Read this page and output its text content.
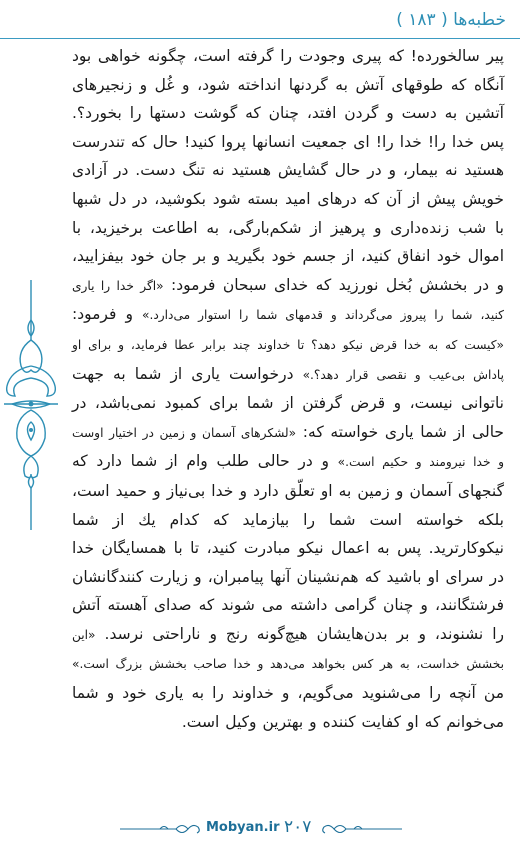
خطبه‌ها ( ۱۸۳ )
پیر سالخورده! که پیری وجودت را گرفته است، چگونه خواهی بود آنگاه که طوقهای آتش به گردنها انداخته شود، و غُل و زنجیرهای آتشین به دست و گردن افتد، چنان که گوشت دستها را بخورد؟. پس خدا را! خدا را! ای جمعیت انسانها پروا کنید! حال که تندرست هستید نه بیمار، و در حال گشایش هستید نه تنگ دست. در آزادی خویش پیش از آن که درهای امید بسته شود بکوشید، در دل شبها با شب زنده‌داری و پرهیز از شکم‌بارگی، به اطاعت برخیزید، با اموال خود انفاق کنید، از جسم خود بگیرید و بر جان خود بیفزایید، و در بخشش بُخل نورزید که خدای سبحان فرمود: «اگر خدا را یاری کنید، شما را پیروز می‌گرداند و قدمهای شما را استوار می‌دارد.» و فرمود: «کیست که به خدا قرض نیکو دهد؟ تا خداوند چند برابر عطا فرماید، و برای او پاداش بی‌عیب و نقصی قرار دهد؟.» درخواست یاری از شما به جهت ناتوانی نیست، و قرض گرفتن از شما برای کمبود نمی‌باشد، در حالی از شما یاری خواسته که: «لشکرهای آسمان و زمین در اختیار اوست و خدا نیرومند و حکیم است.» و در حالی طلب وام از شما دارد که گنجهای آسمان و زمین به او تعلّق دارد و خدا بی‌نیاز و حمید است، بلکه خواسته است شما را بیازماید که کدام یك از شما نیکوکارترید. پس به اعمال نیکو مبادرت کنید، تا با همسایگان خدا در سرای او باشید که هم‌نشینان آنها پیامبران، و زیارت کنندگانشان فرشتگانند، و چنان گرامی داشته می شوند که صدای آهسته آتش را نشنوند، و بر بدن‌هایشان هیچ‌گونه رنج و ناراحتی نرسد. «این بخشش خداست، به هر کس بخواهد می‌دهد و خدا صاحب بخشش بزرگ است.» من آنچه را می‌شنوید می‌گویم، و خداوند را به یاری خود و شما می‌خوانم که او کفایت کننده و بهترین وکیل است.
Mobyan.ir ۲۰۷
